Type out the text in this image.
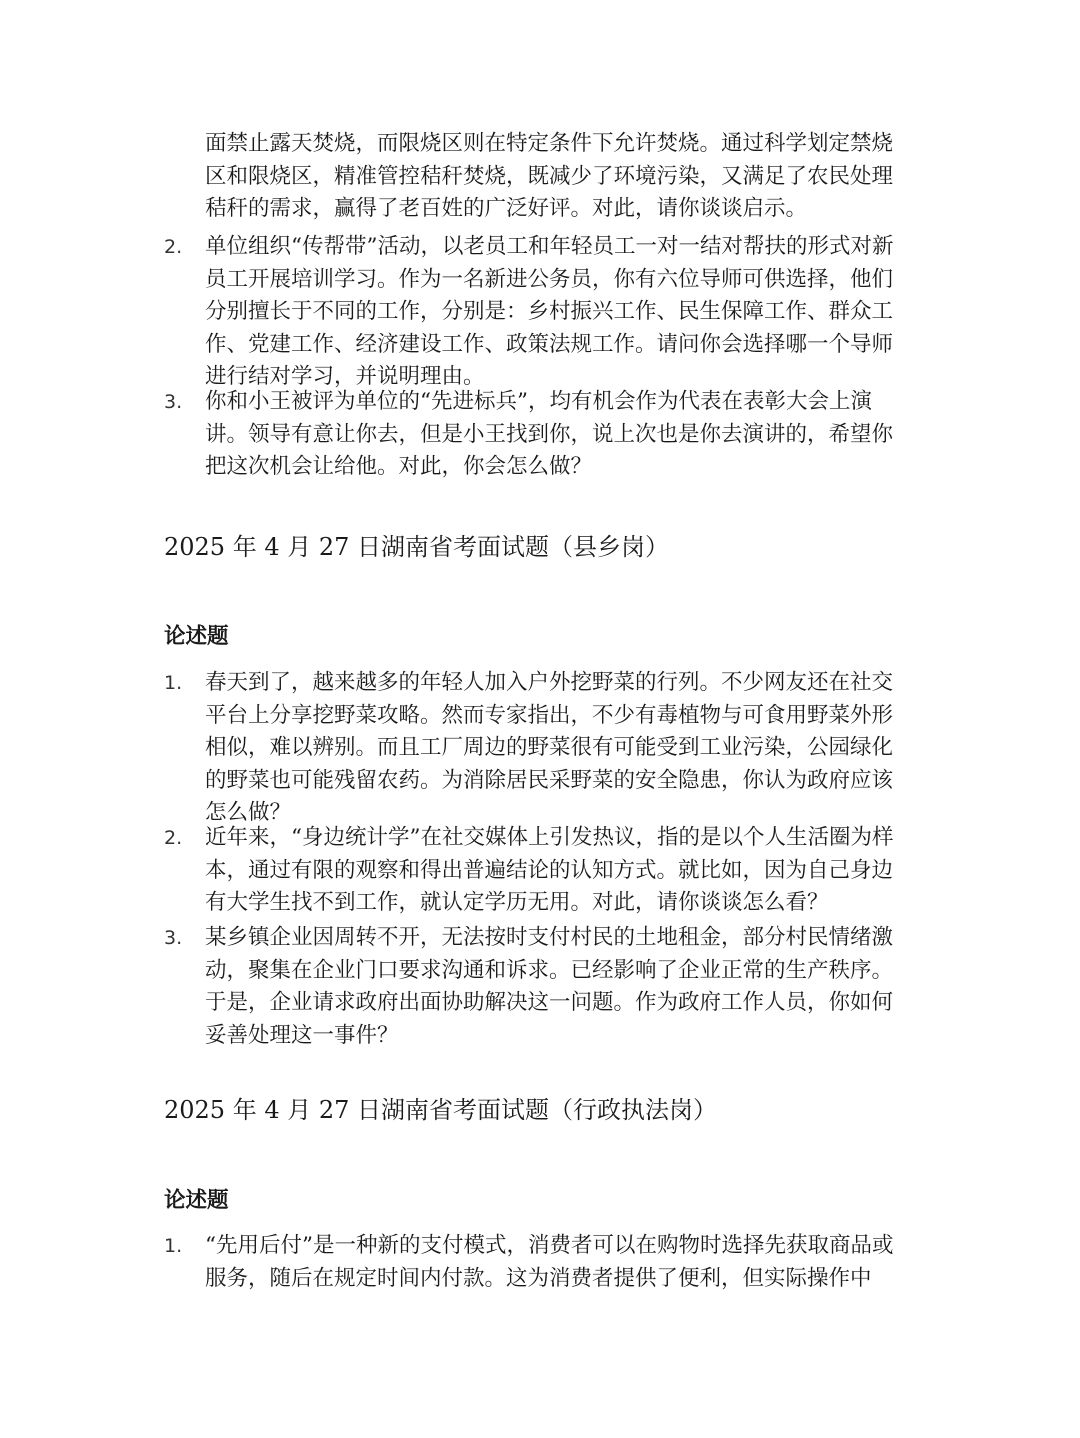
面禁止露天焚烧，而限烧区则在特定条件下允许焚烧。通过科学划定禁烧区和限烧区，精准管控秸秆焚烧，既减少了环境污染，又满足了农民处理秸秆的需求，赢得了老百姓的广泛好评。对此，请你谈谈启示。

2.	单位组织“传帮带”活动，以老员工和年轻员工一对一结对帮扶的形式对新员工开展培训学习。作为一名新进公务员，你有六位导师可供选择，他们分别擅长于不同的工作，分别是：乡村振兴工作、民生保障工作、群众工作、党建工作、经济建设工作、政策法规工作。请问你会选择哪一个导师进行结对学习，并说明理由。

3.	你和小王被评为单位的“先进标兵”，均有机会作为代表在表彰大会上演讲。领导有意让你去，但是小王找到你，说上次也是你去演讲的，希望你把这次机会让给他。对此，你会怎么做？

2025 年 4 月 27 日湖南省考面试题（县乡岗）
论述题
1.	春天到了，越来越多的年轻人加入户外挖野菜的行列。不少网友还在社交平台上分享挖野菜攻略。然而专家指出，不少有毒植物与可食用野菜外形相似，难以辨别。而且工厂周边的野菜很有可能受到工业污染，公园绿化的野菜也可能残留农药。为消除居民采野菜的安全隐患，你认为政府应该怎么做？

2.	近年来，“身边统计学”在社交媒体上引发热议，指的是以个人生活圈为样本，通过有限的观察和得出普遍结论的认知方式。就比如，因为自己身边有大学生找不到工作，就认定学历无用。对此，请你谈谈怎么看？

3.	某乡镇企业因周转不开，无法按时支付村民的土地租金，部分村民情绪激动，聚集在企业门口要求沟通和诉求。已经影响了企业正常的生产秩序。于是，企业请求政府出面协助解决这一问题。作为政府工作人员，你如何妥善处理这一事件？

2025 年 4 月 27 日湖南省考面试题（行政执法岗）
论述题
1.	“先用后付”是一种新的支付模式，消费者可以在购物时选择先获取商品或服务，随后在规定时间内付款。这为消费者提供了便利，但实际操作中
